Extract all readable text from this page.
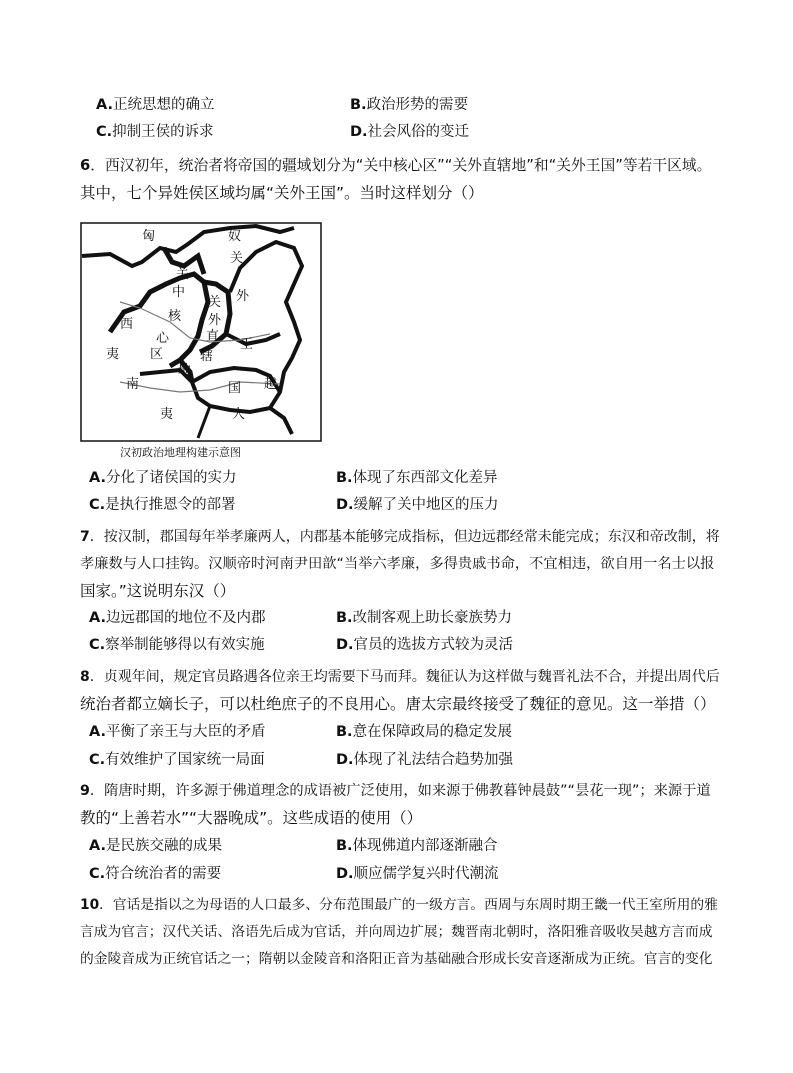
A.正统思想的确立	B.政治形势的需要
C.抑制王侯的诉求	D.社会风俗的变迁
6．西汉初年，统治者将帝国的疆域划分为“关中核心区”“关外直辖地”和“关外王国”等若干区域。
其中，七个异姓侯区域均属“关外王国”。当时这样划分（）
匈	奴
关
中
核
心
区
关
外
直
辖
地
关
外
王
国
西
夷
南
夷
越
人
汉初政治地理构建示意图
A.分化了诸侯国的实力	B.体现了东西部文化差异
C.是执行推恩令的部署	D.缓解了关中地区的压力
7．按汉制，郡国每年举孝廉两人，内郡基本能够完成指标，但边远郡经常未能完成；东汉和帝改制，将
孝廉数与人口挂钩。汉顺帝时河南尹田歆“当举六孝廉，多得贵戚书命，不宜相违，欲自用一名士以报
国家。”这说明东汉（）
A.边远郡国的地位不及内郡	B.改制客观上助长豪族势力
C.察举制能够得以有效实施	D.官员的选拔方式较为灵活
8．贞观年间，规定官员路遇各位亲王均需要下马而拜。魏征认为这样做与魏晋礼法不合，并提出周代后
统治者都立嫡长子，可以杜绝庶子的不良用心。唐太宗最终接受了魏征的意见。这一举措（）
A.平衡了亲王与大臣的矛盾	B.意在保障政局的稳定发展
C.有效维护了国家统一局面	D.体现了礼法结合趋势加强
9．隋唐时期，许多源于佛道理念的成语被广泛使用，如来源于佛教暮钟晨鼓”“昙花一现”；来源于道
教的“上善若水”“大器晚成”。这些成语的使用（）
A.是民族交融的成果	B.体现佛道内部逐渐融合
C.符合统治者的需要	D.顺应儒学复兴时代潮流
10．官话是指以之为母语的人口最多、分布范围最广的一级方言。西周与东周时期王畿一代王室所用的雅
言成为官言；汉代关话、洛语先后成为官话，并向周边扩展；魏晋南北朝时，洛阳雅音吸收吴越方言而成
的金陵音成为正统官话之一；隋朝以金陵音和洛阳正音为基础融合形成长安音逐渐成为正统。官言的变化
